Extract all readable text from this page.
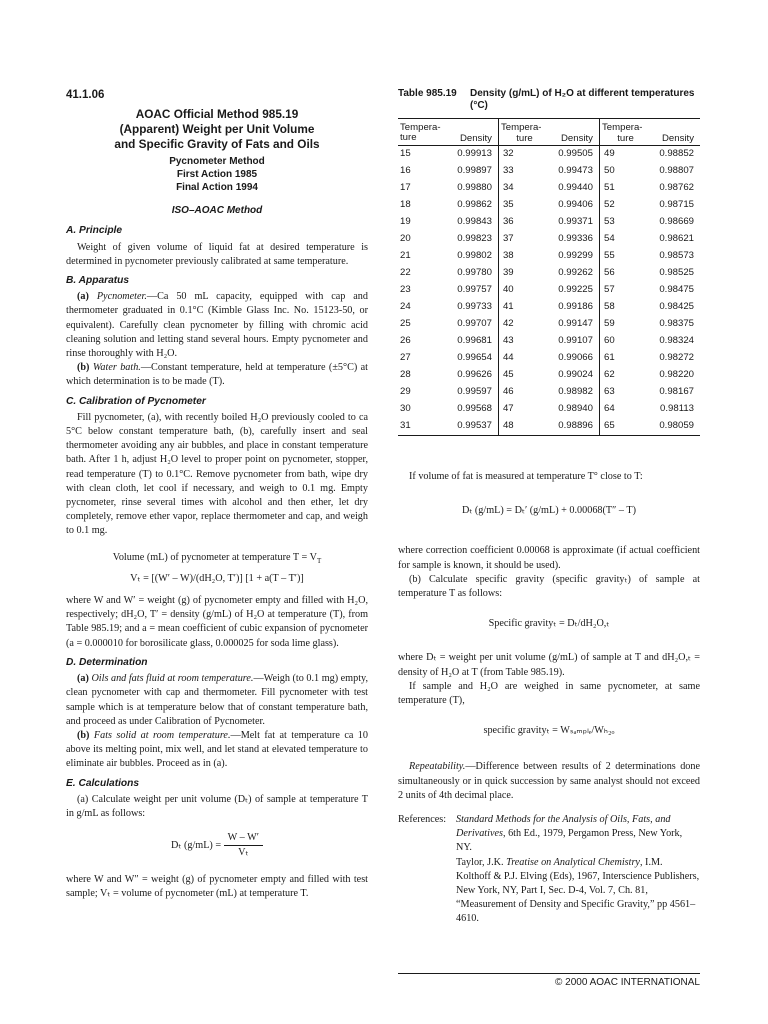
41.1.06
AOAC Official Method 985.19
(Apparent) Weight per Unit Volume
and Specific Gravity of Fats and Oils
Pycnometer Method
First Action 1985
Final Action 1994
ISO–AOAC Method
A. Principle

Weight of given volume of liquid fat at desired temperature is determined in pycnometer previously calibrated at same temperature.

B. Apparatus

(a) Pycnometer.—Ca 50 mL capacity, equipped with cap and thermometer graduated in 0.1°C (Kimble Glass Inc. No. 15123-50, or equivalent). Carefully clean pycnometer by filling with chromic acid cleaning solution and letting stand several hours. Empty pycnometer and rinse thoroughly with H₂O.

(b) Water bath.—Constant temperature, held at temperature (±5°C) at which determination is to be made (T).

C. Calibration of Pycnometer

Fill pycnometer, (a), with recently boiled H₂O previously cooled to ca 5°C below constant temperature bath, (b), carefully insert and seal thermometer avoiding any air bubbles, and place in constant temperature bath. After 1 h, adjust H₂O level to proper point on pycnometer, stopper, read temperature (T) to 0.1°C. Remove pycnometer from bath, wipe dry with clean cloth, let cool if necessary, and weigh to 0.1 mg. Empty pycnometer, rinse several times with alcohol and then ether, let dry completely, remove ether vapor, replace thermometer and cap, and weigh to 0.1 mg.

Volume (mL) of pycnometer at temperature $T = V_T$
Vₜ = [(W′ – W)/(dH₂O, T′)] [1 + a(T – T′)]

where W and W′ = weight (g) of pycnometer empty and filled with H₂O, respectively; dH₂O, T′ = density (g/mL) of H₂O at temperature (T), from Table 985.19; and a = mean coefficient of cubic expansion of pycnometer (a = 0.000010 for borosilicate glass, 0.000025 for soda lime glass).

D. Determination

(a) Oils and fats fluid at room temperature.—Weigh (to 0.1 mg) empty, clean pycnometer with cap and thermometer. Fill pycnometer with test sample which is at temperature below that of constant temperature bath, and proceed as under Calibration of Pycnometer.

(b) Fats solid at room temperature.—Melt fat at temperature ca 10 above its melting point, mix well, and let stand at elevated temperature to eliminate air bubbles. Proceed as in (a).

E. Calculations

(a) Calculate weight per unit volume (Dₜ) of sample at temperature T in g/mL as follows:

Dₜ $(g/mL) = \frac{W - W'}{\text{Vₜ}}$

where W and W″ = weight (g) of pycnometer empty and filled with test sample; Vₜ = volume of pycnometer (mL) at temperature T.

Table 985.19	Density (g/mL) of H₂O at different temperatures (°C)
Tempera-		Tempera-		Tempera-	
ture	Density	ture	Density	ture	Density
15	0.99913	32	0.99505	49	0.98852
16	0.99897	33	0.99473	50	0.98807
17	0.99880	34	0.99440	51	0.98762
18	0.99862	35	0.99406	52	0.98715
19	0.99843	36	0.99371	53	0.98669
20	0.99823	37	0.99336	54	0.98621
21	0.99802	38	0.99299	55	0.98573
22	0.99780	39	0.99262	56	0.98525
23	0.99757	40	0.99225	57	0.98475
24	0.99733	41	0.99186	58	0.98425
25	0.99707	42	0.99147	59	0.98375
26	0.99681	43	0.99107	60	0.98324
27	0.99654	44	0.99066	61	0.98272
28	0.99626	45	0.99024	62	0.98220
29	0.99597	46	0.98982	63	0.98167
30	0.99568	47	0.98940	64	0.98113
31	0.99537	48	0.98896	65	0.98059

If volume of fat is measured at temperature T° close to T:

Dₜ (g/mL) = Dₜ′ (g/mL) + 0.00068(T″ – T)

where correction coefficient 0.00068 is approximate (if actual coefficient for sample is known, it should be used).

(b) Calculate specific gravity (specific gravityₜ) of sample at temperature T as follows:

Specific gravityₜ = Dₜ/dH₂O,ₜ

where Dₜ = weight per unit volume (g/mL) of sample at T and dH₂O,ₜ = density of H₂O at T (from Table 985.19).

If sample and H₂O are weighed in same pycnometer, at same temperature (T),

specific gravityₜ = Wₛₐₘₚₗₑ/Wₕ₂ₒ

Repeatability.—Difference between results of 2 determinations done simultaneously or in quick succession by same analyst should not exceed 2 units of 4th decimal place.

References: Standard Methods for the Analysis of Oils, Fats, and Derivatives, 6th Ed., 1979, Pergamon Press, New York, NY.

Taylor, J.K. Treatise on Analytical Chemistry, I.M. Kolthoff & P.J. Elving (Eds), 1967, Interscience Publishers, New York, NY, Part I, Sec. D-4, Vol. 7, Ch. 81, “Measurement of Density and Specific Gravity,” pp 4561–4610.

© 2000 AOAC INTERNATIONAL
